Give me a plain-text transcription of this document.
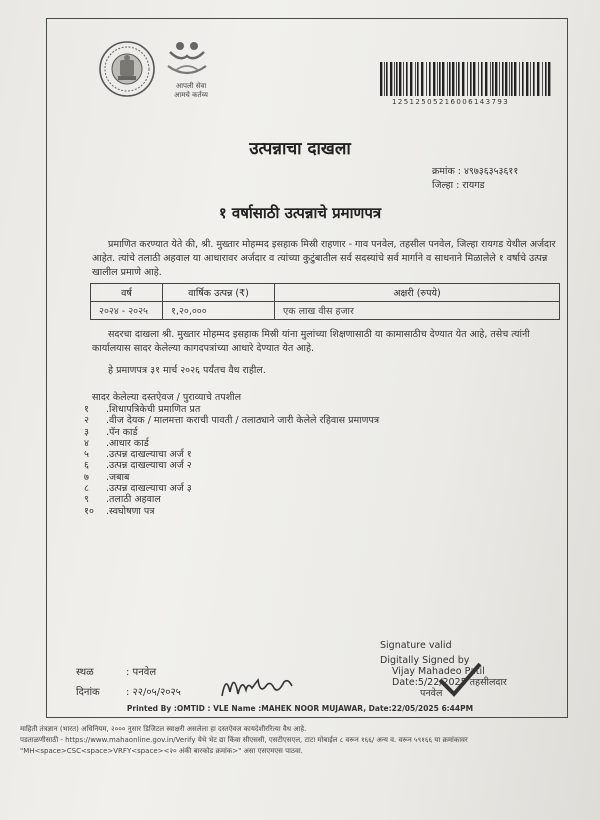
आपली सेवा
आमचे कर्तव्य
12512505216006143793
उत्पन्नाचा दाखला
क्रमांक : ४९७३६३५३६११
जिल्हा : रायगड
१ वर्षासाठी उत्पन्नाचे प्रमाणपत्र

प्रमाणित करण्यात येते की, श्री. मुख्तार मोहम्मद इसहाक मिस्री राहणार - गाव पनवेल, तहसील पनवेल, जिल्हा रायगड येथील अर्जदार आहेत. त्यांचे तलाठी अहवाल या आधारावर अर्जदार व त्यांच्या कुटुंबातील सर्व सदस्यांचे सर्व मार्गाने व साधनाने मिळालेले १ वर्षाचे उत्पन्न खालील प्रमाणे आहे.

वर्ष	वार्षिक उत्पन्न (₹)	अक्षरी (रुपये)
२०२४ - २०२५	१,२०,०००	एक लाख वीस हजार

सदरचा दाखला श्री. मुख्तार मोहम्मद इसहाक मिस्री यांना मुलांच्या शिक्षणासाठी या कामासाठीच देण्यात येत आहे, तसेच त्यांनी कार्यालयास सादर केलेल्या कागदपत्रांच्या आधारे देण्यात येत आहे.

हे प्रमाणपत्र ३१ मार्च २०२६ पर्यंतच वैध राहील.

सादर केलेल्या दस्तऐवज / पुराव्याचे तपशील
१ .शिधापत्रिकेची प्रमाणित प्रत
२ .वीज देयक / मालमत्ता कराची पावती / तलाठ्याने जारी केलेले रहिवास प्रमाणपत्र
३ .पॅन कार्ड
४ .आधार कार्ड
५ .उत्पन्न दाखल्याचा अर्ज १
६ .उत्पन्न दाखल्याचा अर्ज २
७ .जबाब
८ .उत्पन्न दाखल्याचा अर्ज ३
९ .तलाठी अहवाल
१० .स्वघोषणा पत्र
Signature valid
Digitally Signed by
Vijay Mahadeo Patil
Date:5/22/2025 तहसीलदार
पनवेल
स्थळ	: पनवेल
दिनांक	: २२/०५/२०२५
Printed By :OMTID : VLE Name :MAHEK NOOR MUJAWAR, Date:22/05/2025 6:44PM
माहिती तंत्रज्ञान (भारत) अधिनियम, २००० नुसार डिजिटल स्वाक्षरी असलेला हा दस्तऐवज कायदेशीररित्या वैध आहे.
पडताळणीसाठी - https://www.mahaonline.gov.in/Verify येथे भेट द्या किंवा सीएससी, एसटीएसएल, टाटा मोबाईल ८ वरून १६६/ अन्य व. वरून ५९१६६ या क्रमांकावर
"MH<space>CSC<space>VRFY<space><२० अंकी बारकोड क्रमांक>" असा एसएमएस पाठवा.
